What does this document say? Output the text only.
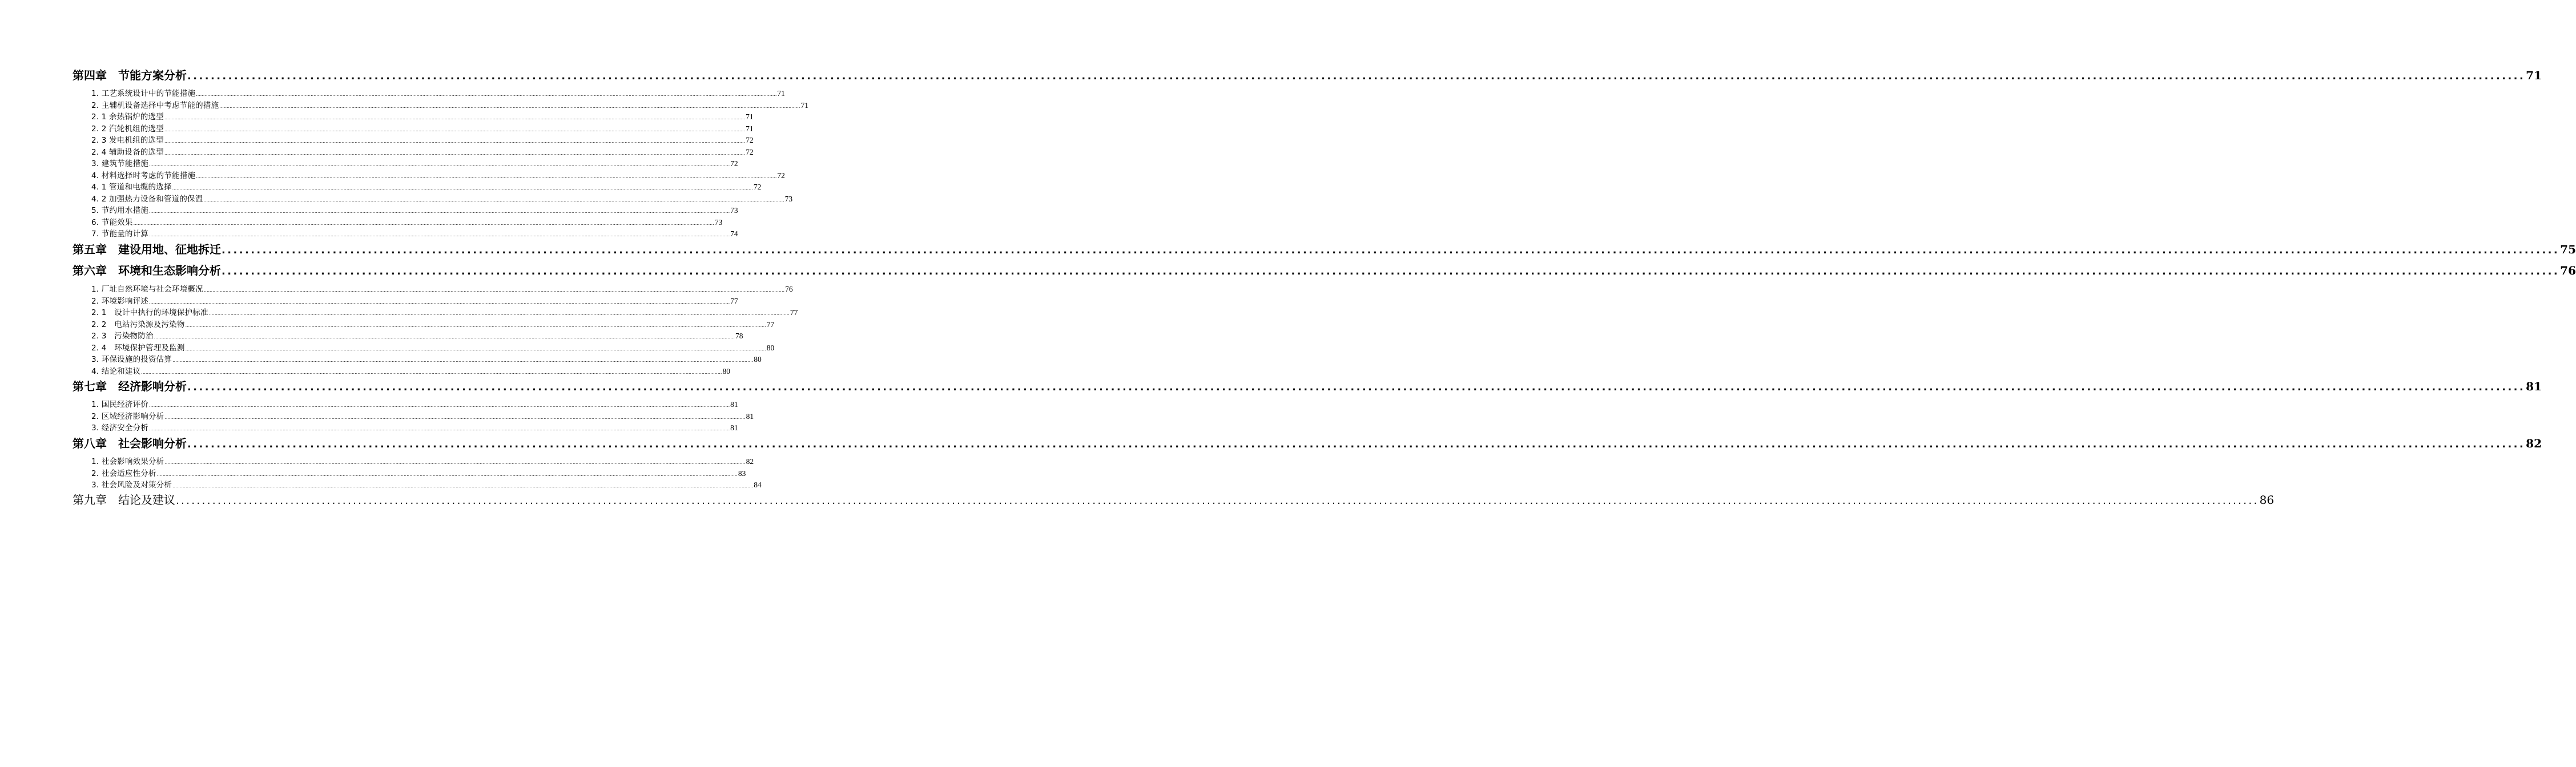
第四章　节能方案分析 ................................................................................................................................................................................................................................................................................................................................................................................................................ 71
1. 工艺系统设计中的节能措施 ................................................................................................................................................................................................................................................................................................................................................................................................................ 71
2. 主辅机设备选择中考虑节能的措施 ................................................................................................................................................................................................................................................................................................................................................................................................................ 71
2. 1 余热锅炉的选型 ................................................................................................................................................................................................................................................................................................................................................................................................................ 71
2. 2 汽轮机组的选型 ................................................................................................................................................................................................................................................................................................................................................................................................................ 71
2. 3 发电机组的选型 ................................................................................................................................................................................................................................................................................................................................................................................................................ 72
2. 4 辅助设备的选型 ................................................................................................................................................................................................................................................................................................................................................................................................................ 72
3. 建筑节能措施 ................................................................................................................................................................................................................................................................................................................................................................................................................ 72
4. 材料选择时考虑的节能措施 ................................................................................................................................................................................................................................................................................................................................................................................................................ 72
4. 1 管道和电缆的选择 ................................................................................................................................................................................................................................................................................................................................................................................................................ 72
4. 2 加强热力设备和管道的保温 ................................................................................................................................................................................................................................................................................................................................................................................................................ 73
5. 节约用水措施 ................................................................................................................................................................................................................................................................................................................................................................................................................ 73
6. 节能效果 ................................................................................................................................................................................................................................................................................................................................................................................................................ 73
7. 节能量的计算 ................................................................................................................................................................................................................................................................................................................................................................................................................ 74
第五章　建设用地、征地拆迁 ................................................................................................................................................................................................................................................................................................................................................................................................................ 75
第六章　环境和生态影响分析 ................................................................................................................................................................................................................................................................................................................................................................................................................ 76
1. 厂址自然环境与社会环境概况 ................................................................................................................................................................................................................................................................................................................................................................................................................ 76
2. 环境影响评述 ................................................................................................................................................................................................................................................................................................................................................................................................................ 77
2. 1　设计中执行的环境保护标准 ................................................................................................................................................................................................................................................................................................................................................................................................................ 77
2. 2　电站污染源及污染物 ................................................................................................................................................................................................................................................................................................................................................................................................................ 77
2. 3　污染物防治 ................................................................................................................................................................................................................................................................................................................................................................................................................ 78
2. 4　环境保护管理及监测 ................................................................................................................................................................................................................................................................................................................................................................................................................ 80
3. 环保设施的投资估算 ................................................................................................................................................................................................................................................................................................................................................................................................................ 80
4. 结论和建议 ................................................................................................................................................................................................................................................................................................................................................................................................................ 80
第七章　经济影响分析 ................................................................................................................................................................................................................................................................................................................................................................................................................ 81
1. 国民经济评价 ................................................................................................................................................................................................................................................................................................................................................................................................................ 81
2. 区域经济影响分析 ................................................................................................................................................................................................................................................................................................................................................................................................................ 81
3. 经济安全分析 ................................................................................................................................................................................................................................................................................................................................................................................................................ 81
第八章　社会影响分析 ................................................................................................................................................................................................................................................................................................................................................................................................................ 82
1. 社会影响效果分析 ................................................................................................................................................................................................................................................................................................................................................................................................................ 82
2. 社会适应性分析 ................................................................................................................................................................................................................................................................................................................................................................................................................ 83
3. 社会风险及对策分析 ................................................................................................................................................................................................................................................................................................................................................................................................................ 84
第九章　结论及建议 ................................................................................................................................................................................................................................................................................................................................................................................................................ 86
